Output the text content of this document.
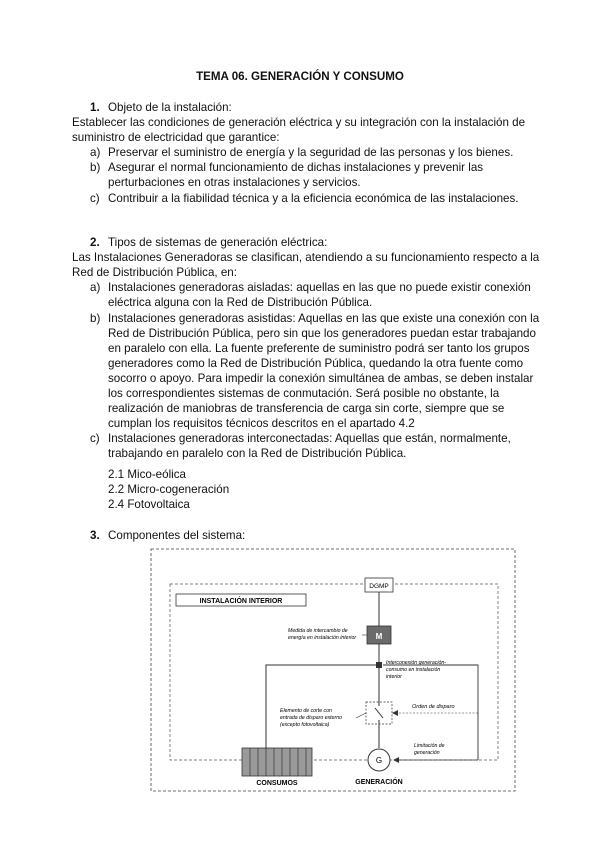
TEMA 06. GENERACIÓN Y CONSUMO
1. Objeto de la instalación:
Establecer las condiciones de generación eléctrica y su integración con la instalación de
suministro de electricidad que garantice:
a) Preservar el suministro de energía y la seguridad de las personas y los bienes.
b) Asegurar el normal funcionamiento de dichas instalaciones y prevenir las
perturbaciones en otras instalaciones y servicios.
c) Contribuir a la fiabilidad técnica y a la eficiencia económica de las instalaciones.
2. Tipos de sistemas de generación eléctrica:
Las Instalaciones Generadoras se clasifican, atendiendo a su funcionamiento respecto a la
Red de Distribución Pública, en:
a) Instalaciones generadoras aisladas: aquellas en las que no puede existir conexión
eléctrica alguna con la Red de Distribución Pública.
b) Instalaciones generadoras asistidas: Aquellas en las que existe una conexión con la
Red de Distribución Pública, pero sin que los generadores puedan estar trabajando
en paralelo con ella. La fuente preferente de suministro podrá ser tanto los grupos
generadores como la Red de Distribución Pública, quedando la otra fuente como
socorro o apoyo. Para impedir la conexión simultánea de ambas, se deben instalar
los correspondientes sistemas de conmutación. Será posible no obstante, la
realización de maniobras de transferencia de carga sin corte, siempre que se
cumplan los requisitos técnicos descritos en el apartado 4.2
c) Instalaciones generadoras interconectadas: Aquellas que están, normalmente,
trabajando en paralelo con la Red de Distribución Pública.
2.1 Mico-eólica
2.2 Micro-cogeneración
2.4 Fotovoltaica
3. Componentes del sistema:
INSTALACIÓN INTERIOR
DGMP
M
Medida de intercambio de
energía en instalación interior
Interconexión generación-
consumo en instalación
interior
Elemento de corte con
entrada de disparo externo
(excepto fotovoltaica)
Orden de disparo
Limitación de
generación
G
GENERACIÓN
CONSUMOS
